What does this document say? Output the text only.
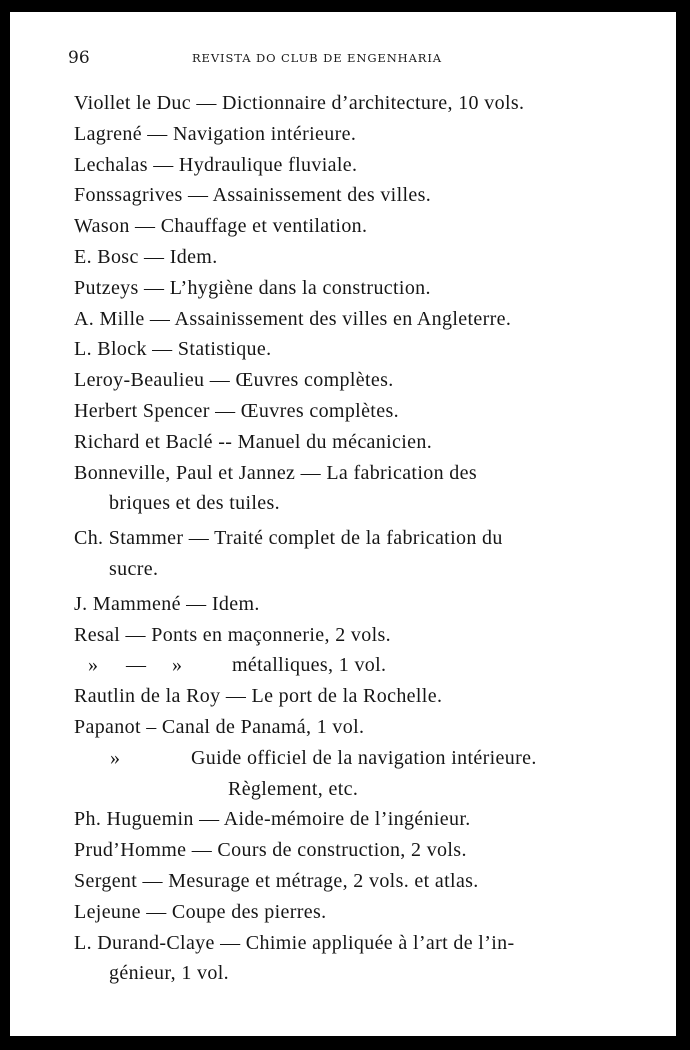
96	REVISTA DO CLUB DE ENGENHARIA
Viollet le Duc — Dictionnaire d’architecture, 10 vols.
Lagrené — Navigation intérieure.
Lechalas — Hydraulique fluviale.
Fonssagrives — Assainissement des villes.
Wason — Chauffage et ventilation.
E. Bosc — Idem.
Putzeys — L’hygiène dans la construction.
A. Mille — Assainissement des villes en Angleterre.
L. Block — Statistique.
Leroy-Beaulieu — Œuvres complètes.
Herbert Spencer — Œuvres complètes.
Richard et Baclé -- Manuel du mécanicien.
Bonneville, Paul et Jannez — La fabrication des
briques et des tuiles.
Ch. Stammer — Traité complet de la fabrication du
sucre.
J. Mammené — Idem.
Resal — Ponts en maçonnerie, 2 vols.
» — » métalliques, 1 vol.
Rautlin de la Roy — Le port de la Rochelle.
Papanot – Canal de Panamá, 1 vol.
»	Guide officiel de la navigation intérieure.
Règlement, etc.
Ph. Huguemin — Aide-mémoire de l’ingénieur.
Prud’Homme — Cours de construction, 2 vols.
Sergent — Mesurage et métrage, 2 vols. et atlas.
Lejeune — Coupe des pierres.
L. Durand-Claye — Chimie appliquée à l’art de l’in-
génieur, 1 vol.
